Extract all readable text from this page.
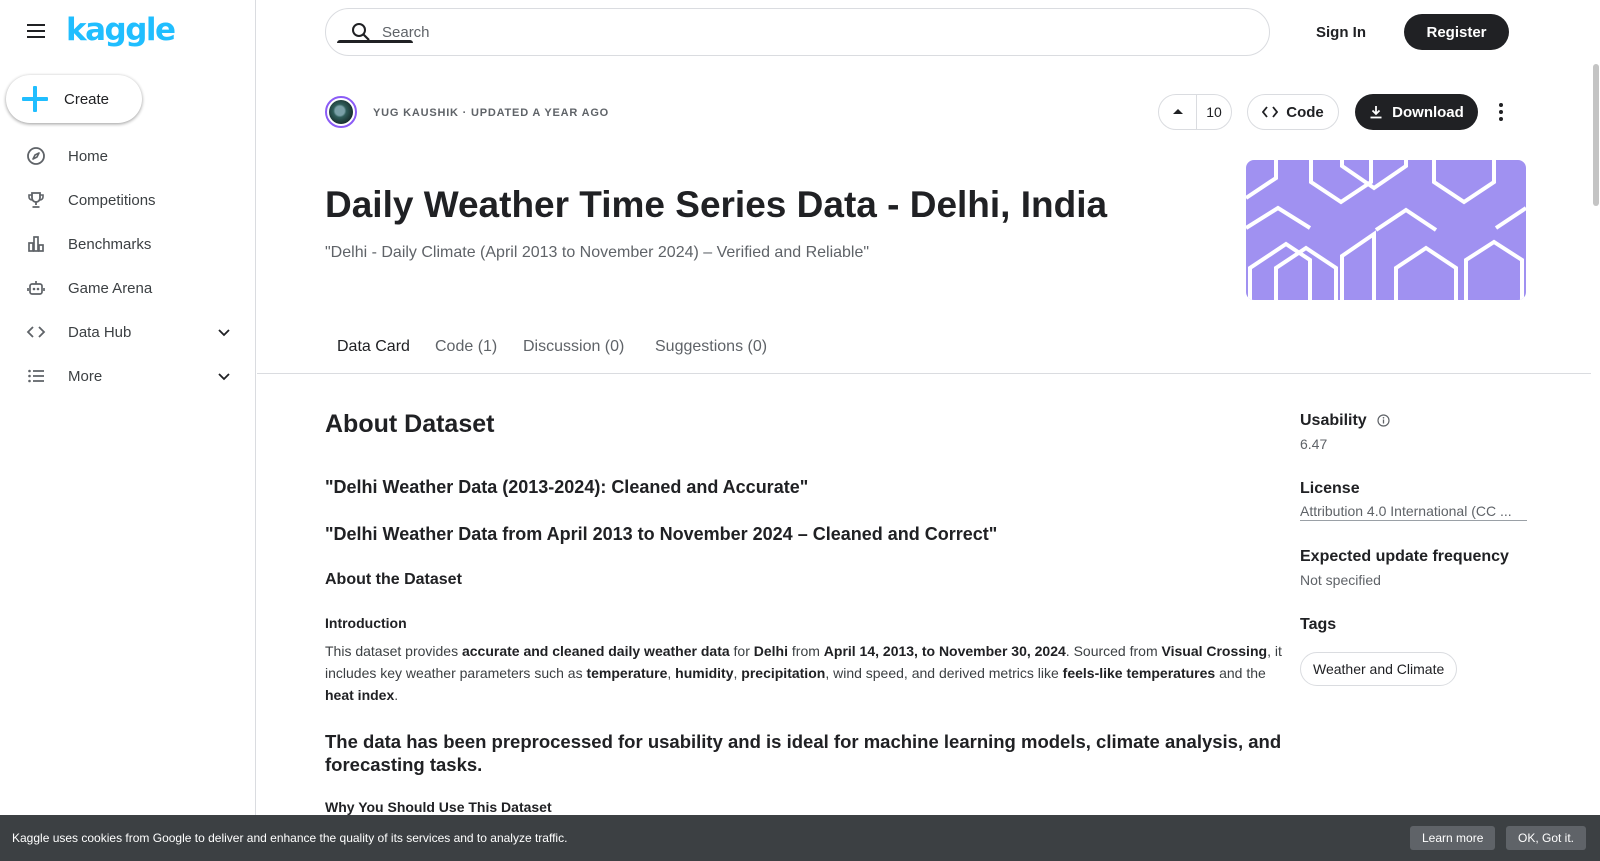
kaggle
Create
Home
Competitions
Benchmarks
Game Arena
Data Hub
More
Search
Sign In	Register
YUG KAUSHIK · UPDATED A YEAR AGO	10	Code	Download
Daily Weather Time Series Data - Delhi, India
"Delhi - Daily Climate (April 2013 to November 2024) – Verified and Reliable"
Data Card Code (1) Discussion (0) Suggestions (0)
About Dataset
"Delhi Weather Data (2013-2024): Cleaned and Accurate"
"Delhi Weather Data from April 2013 to November 2024 – Cleaned and Correct"
About the Dataset
Introduction

This dataset provides accurate and cleaned daily weather data for Delhi from April 14, 2013, to November 30, 2024. Sourced from Visual Crossing, it includes key weather parameters such as temperature, humidity, precipitation, wind speed, and derived metrics like feels-like temperatures and the heat index.

The data has been preprocessed for usability and is ideal for machine learning models, climate analysis, and forecasting tasks.
Why You Should Use This Dataset
Usability
6.47
License
Attribution 4.0 International (CC ...
Expected update frequency
Not specified
Tags
Weather and Climate
Kaggle uses cookies from Google to deliver and enhance the quality of its services and to analyze traffic.	Learn more	OK, Got it.
